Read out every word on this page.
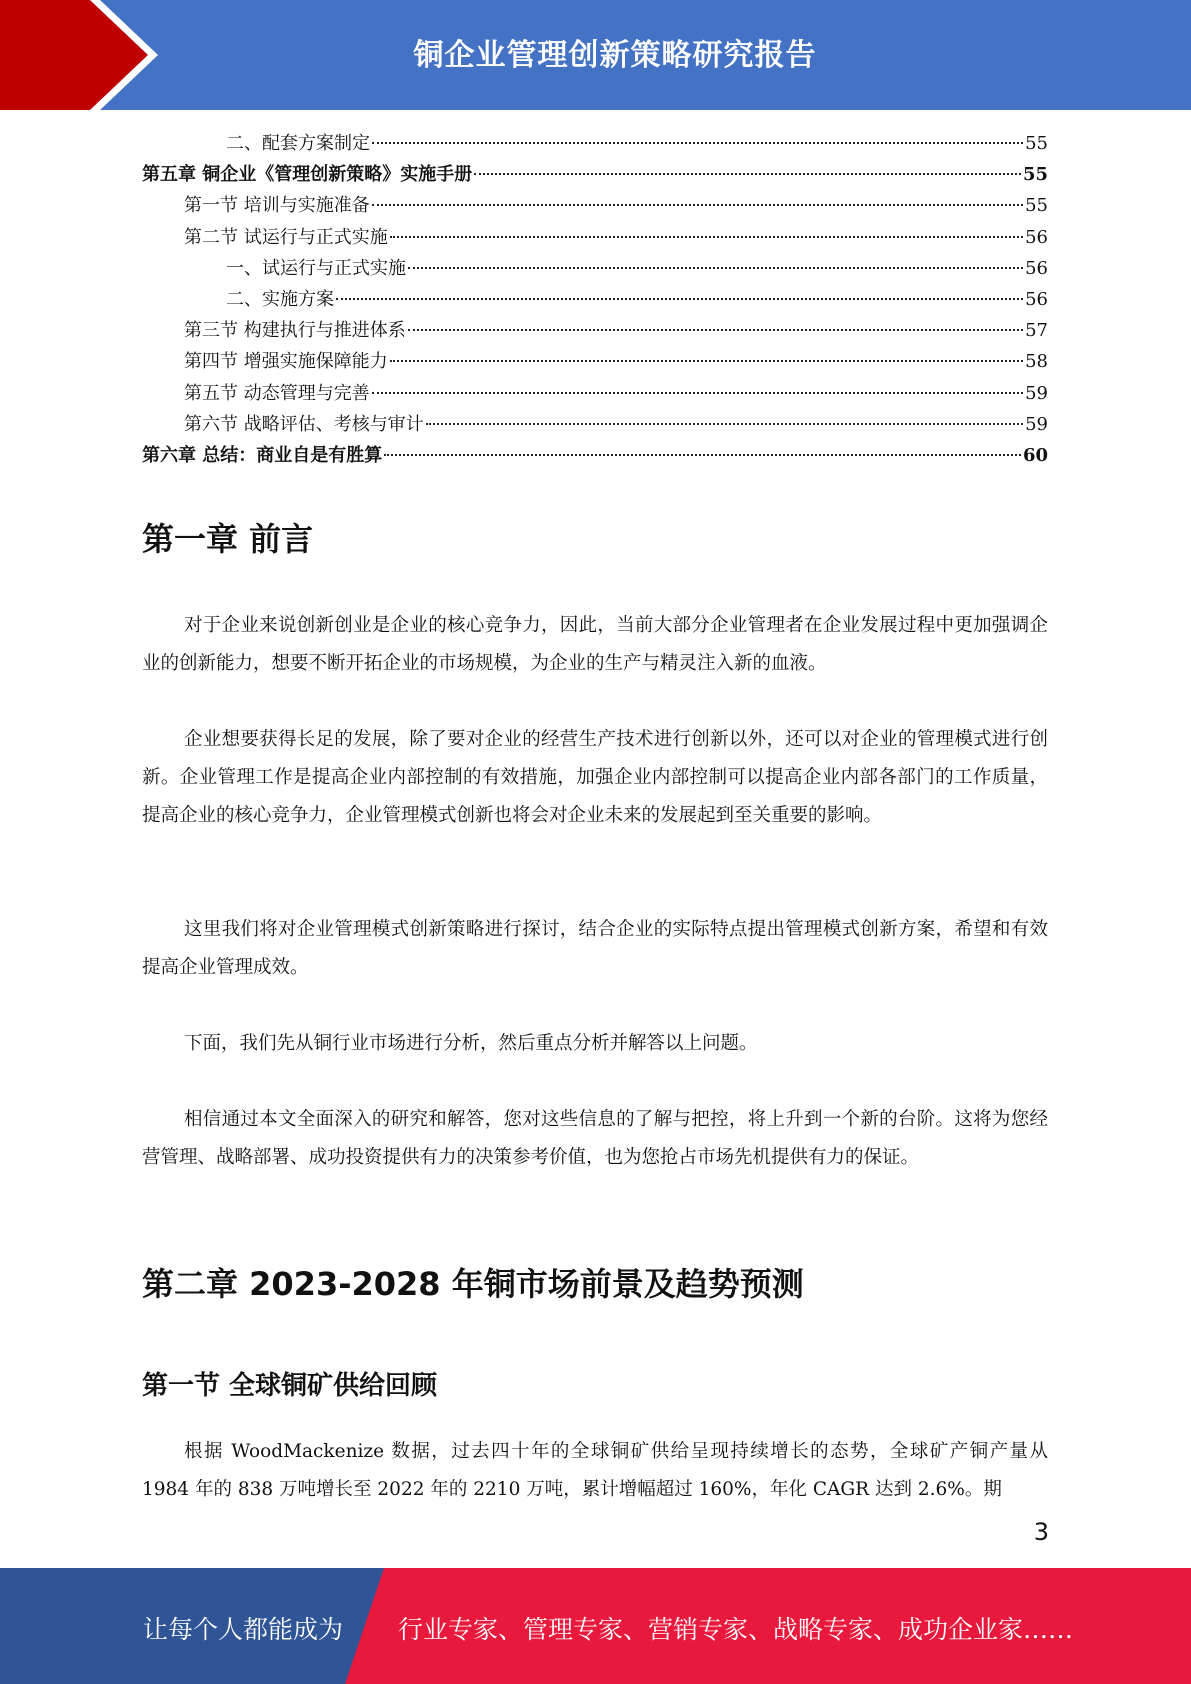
铜企业管理创新策略研究报告
二、配套方案制定	55
第五章 铜企业《管理创新策略》实施手册	55
第一节 培训与实施准备	55
第二节 试运行与正式实施	56
一、试运行与正式实施	56
二、实施方案	56
第三节 构建执行与推进体系	57
第四节 增强实施保障能力	58
第五节 动态管理与完善	59
第六节 战略评估、考核与审计	59
第六章 总结：商业自是有胜算	60
第一章 前言

对于企业来说创新创业是企业的核心竞争力，因此，当前大部分企业管理者在企业发展过程中更加强调企业的创新能力，想要不断开拓企业的市场规模，为企业的生产与精灵注入新的血液。

企业想要获得长足的发展，除了要对企业的经营生产技术进行创新以外，还可以对企业的管理模式进行创新。企业管理工作是提高企业内部控制的有效措施，加强企业内部控制可以提高企业内部各部门的工作质量，提高企业的核心竞争力，企业管理模式创新也将会对企业未来的发展起到至关重要的影响。

这里我们将对企业管理模式创新策略进行探讨，结合企业的实际特点提出管理模式创新方案，希望和有效提高企业管理成效。

下面，我们先从铜行业市场进行分析，然后重点分析并解答以上问题。

相信通过本文全面深入的研究和解答，您对这些信息的了解与把控，将上升到一个新的台阶。这将为您经营管理、战略部署、成功投资提供有力的决策参考价值，也为您抢占市场先机提供有力的保证。

第二章 2023-2028 年铜市场前景及趋势预测
第一节 全球铜矿供给回顾

根据 WoodMackenize 数据，过去四十年的全球铜矿供给呈现持续增长的态势，全球矿产铜产量从 1984 年的 838 万吨增长至 2022 年的 2210 万吨，累计增幅超过 160%，年化 CAGR 达到 2.6%。期

3
让每个人都能成为 行业专家、管理专家、营销专家、战略专家、成功企业家……
